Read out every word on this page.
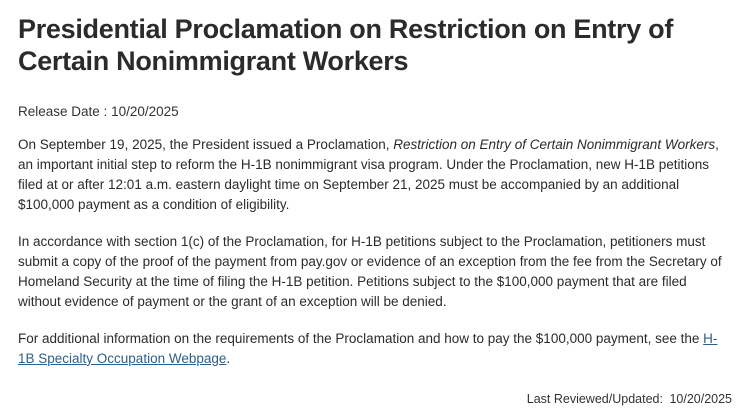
Presidential Proclamation on Restriction on Entry of Certain Nonimmigrant Workers
Release Date : 10/20/2025

On September 19, 2025, the President issued a Proclamation, Restriction on Entry of Certain Nonimmigrant Workers, an important initial step to reform the H-1B nonimmigrant visa program. Under the Proclamation, new H-1B petitions filed at or after 12:01 a.m. eastern daylight time on September 21, 2025 must be accompanied by an additional $100,000 payment as a condition of eligibility.

In accordance with section 1(c) of the Proclamation, for H-1B petitions subject to the Proclamation, petitioners must submit a copy of the proof of the payment from pay.gov or evidence of an exception from the fee from the Secretary of Homeland Security at the time of filing the H-1B petition. Petitions subject to the $100,000 payment that are filed without evidence of payment or the grant of an exception will be denied.

For additional information on the requirements of the Proclamation and how to pay the $100,000 payment, see the H-1B Specialty Occupation Webpage.

Last Reviewed/Updated: 10/20/2025
